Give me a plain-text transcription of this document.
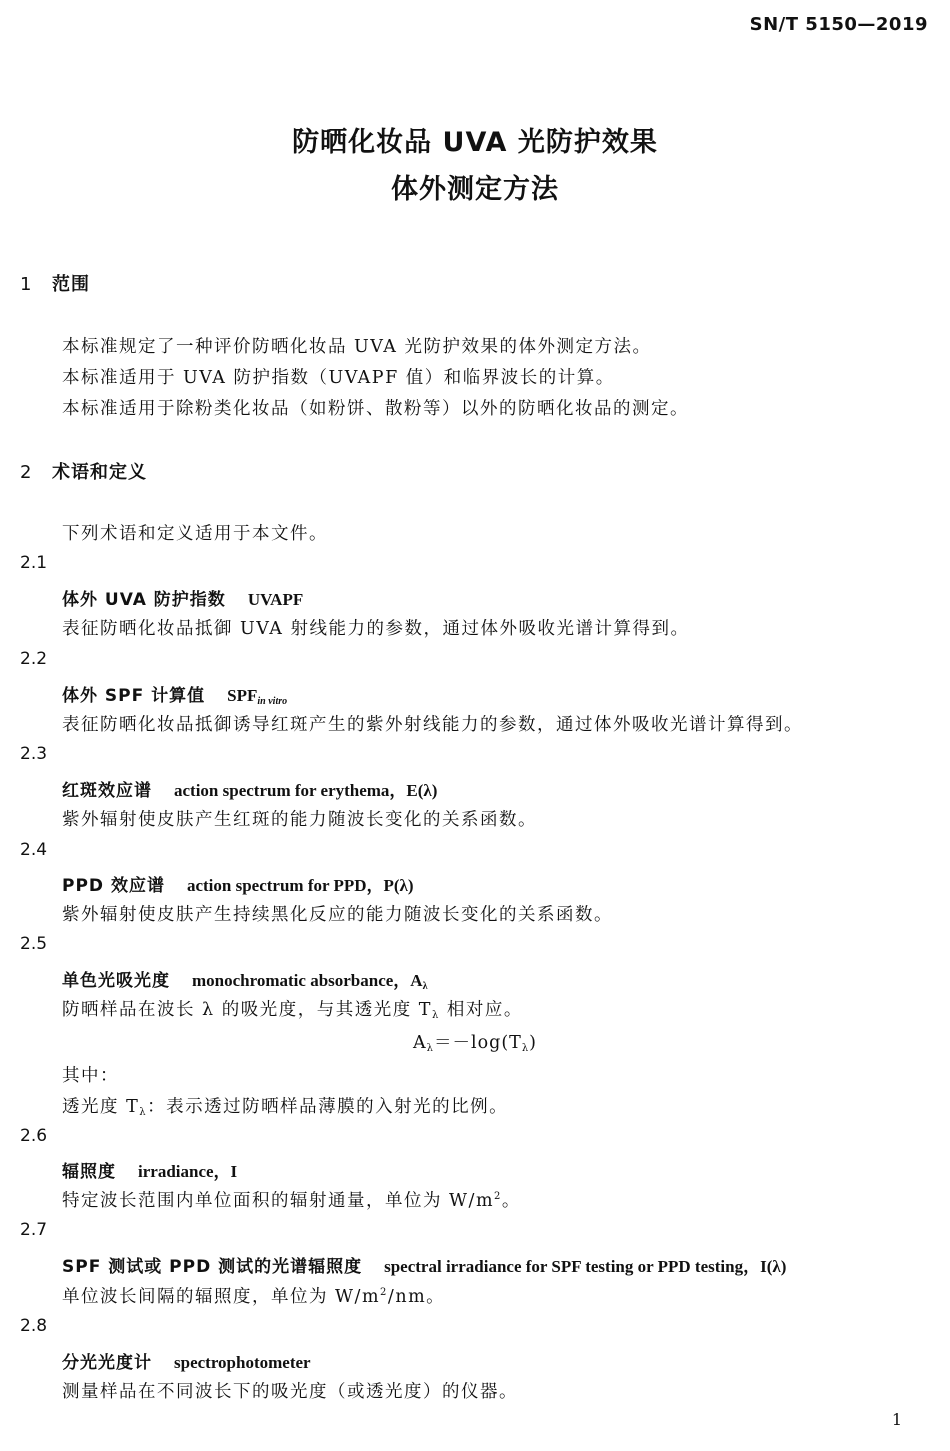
SN/T 5150—2019
防晒化妆品 UVA 光防护效果
体外测定方法
1 范围
本标准规定了一种评价防晒化妆品 UVA 光防护效果的体外测定方法。
本标准适用于 UVA 防护指数（UVAPF 值）和临界波长的计算。
本标准适用于除粉类化妆品（如粉饼、散粉等）以外的防晒化妆品的测定。
2 术语和定义
下列术语和定义适用于本文件。
2.1
体外 UVA 防护指数 UVAPF
表征防晒化妆品抵御 UVA 射线能力的参数，通过体外吸收光谱计算得到。
2.2
体外 SPF 计算值 $SPF_{in vitro}$
表征防晒化妆品抵御诱导红斑产生的紫外射线能力的参数，通过体外吸收光谱计算得到。
2.3
红斑效应谱 action spectrum for erythema，E(λ)
紫外辐射使皮肤产生红斑的能力随波长变化的关系函数。
2.4
PPD 效应谱 action spectrum for PPD，P(λ)
紫外辐射使皮肤产生持续黑化反应的能力随波长变化的关系函数。
2.5
单色光吸光度 monochromatic absorbance，Aλ
防晒样品在波长 λ 的吸光度，与其透光度 Tλ 相对应。
Aλ＝－log(Tλ)
其中：
透光度 Tλ：表示透过防晒样品薄膜的入射光的比例。
2.6
辐照度 irradiance，I
特定波长范围内单位面积的辐射通量，单位为 $W/m^2$。
2.7
SPF 测试或 PPD 测试的光谱辐照度 spectral irradiance for SPF testing or PPD testing，I(λ)
单位波长间隔的辐照度，单位为 $W/m^2/nm$。
2.8
分光光度计 spectrophotometer
测量样品在不同波长下的吸光度（或透光度）的仪器。
1
